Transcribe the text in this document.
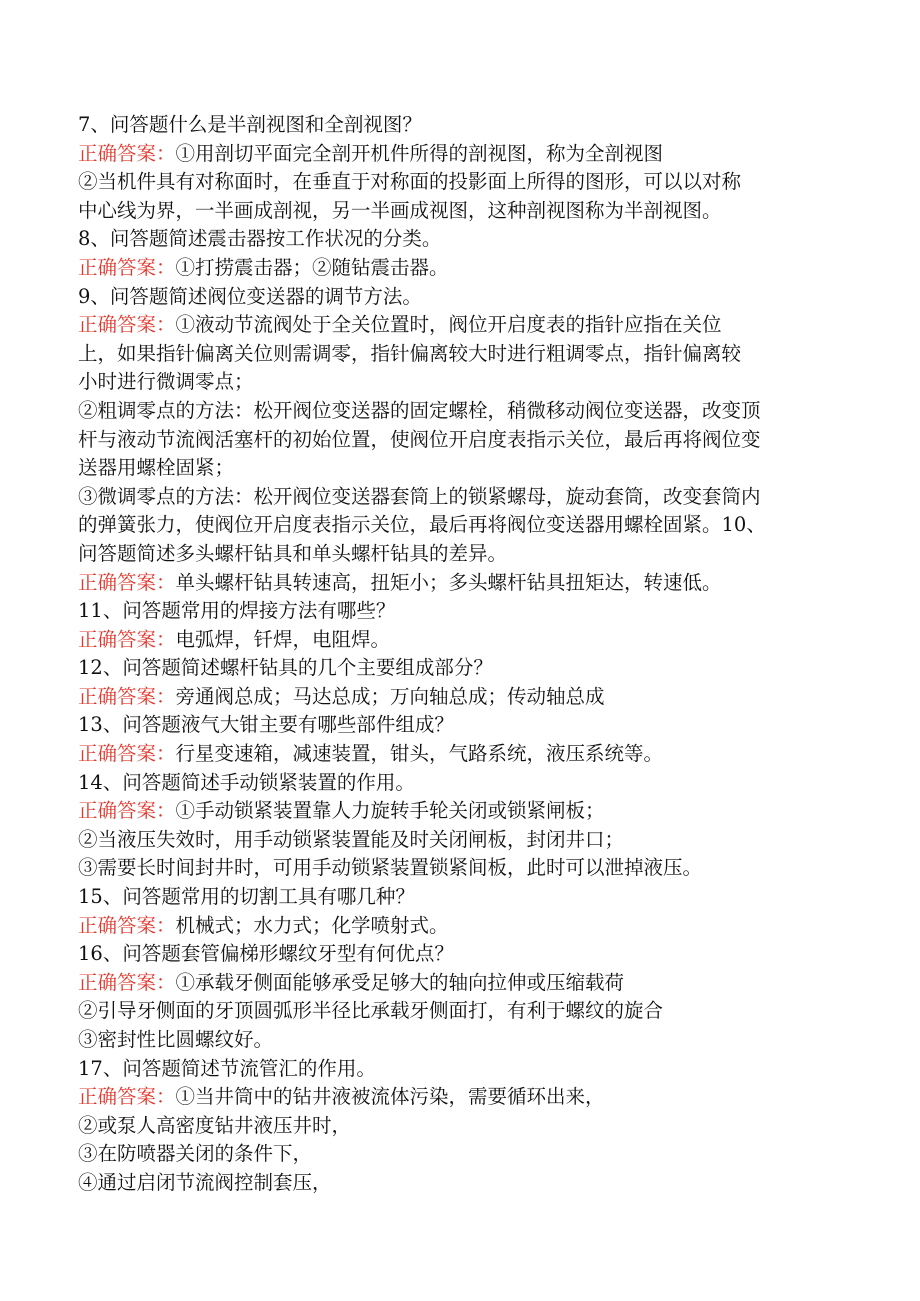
7、问答题什么是半剖视图和全剖视图？
正确答案：①用剖切平面完全剖开机件所得的剖视图，称为全剖视图
②当机件具有对称面时，在垂直于对称面的投影面上所得的图形，可以以对称
中心线为界，一半画成剖视，另一半画成视图，这种剖视图称为半剖视图。
8、问答题简述震击器按工作状况的分类。
正确答案：①打捞震击器；②随钻震击器。
9、问答题简述阀位变送器的调节方法。
正确答案：①液动节流阀处于全关位置时，阀位开启度表的指针应指在关位
上，如果指针偏离关位则需调零，指针偏离较大时进行粗调零点，指针偏离较
小时进行微调零点；
②粗调零点的方法：松开阀位变送器的固定螺栓，稍微移动阀位变送器，改变顶
杆与液动节流阀活塞杆的初始位置，使阀位开启度表指示关位，最后再将阀位变
送器用螺栓固紧；
③微调零点的方法：松开阀位变送器套筒上的锁紧螺母，旋动套筒，改变套筒内
的弹簧张力，使阀位开启度表指示关位，最后再将阀位变送器用螺栓固紧。10、
问答题简述多头螺杆钻具和单头螺杆钻具的差异。
正确答案：单头螺杆钻具转速高，扭矩小；多头螺杆钻具扭矩达，转速低。
11、问答题常用的焊接方法有哪些？
正确答案：电弧焊，钎焊，电阻焊。
12、问答题简述螺杆钻具的几个主要组成部分？
正确答案：旁通阀总成；马达总成；万向轴总成；传动轴总成
13、问答题液气大钳主要有哪些部件组成？
正确答案：行星变速箱，减速装置，钳头，气路系统，液压系统等。
14、问答题简述手动锁紧装置的作用。
正确答案：①手动锁紧装置靠人力旋转手轮关闭或锁紧闸板；
②当液压失效时，用手动锁紧装置能及时关闭闸板，封闭井口；
③需要长时间封井时，可用手动锁紧装置锁紧间板，此时可以泄掉液压。
15、问答题常用的切割工具有哪几种？
正确答案：机械式；水力式；化学喷射式。
16、问答题套管偏梯形螺纹牙型有何优点？
正确答案：①承载牙侧面能够承受足够大的轴向拉伸或压缩载荷
②引导牙侧面的牙顶圆弧形半径比承载牙侧面打，有利于螺纹的旋合
③密封性比圆螺纹好。
17、问答题简述节流管汇的作用。
正确答案：①当井筒中的钻井液被流体污染，需要循环出来，
②或泵人高密度钻井液压井时，
③在防喷器关闭的条件下，
④通过启闭节流阀控制套压，
